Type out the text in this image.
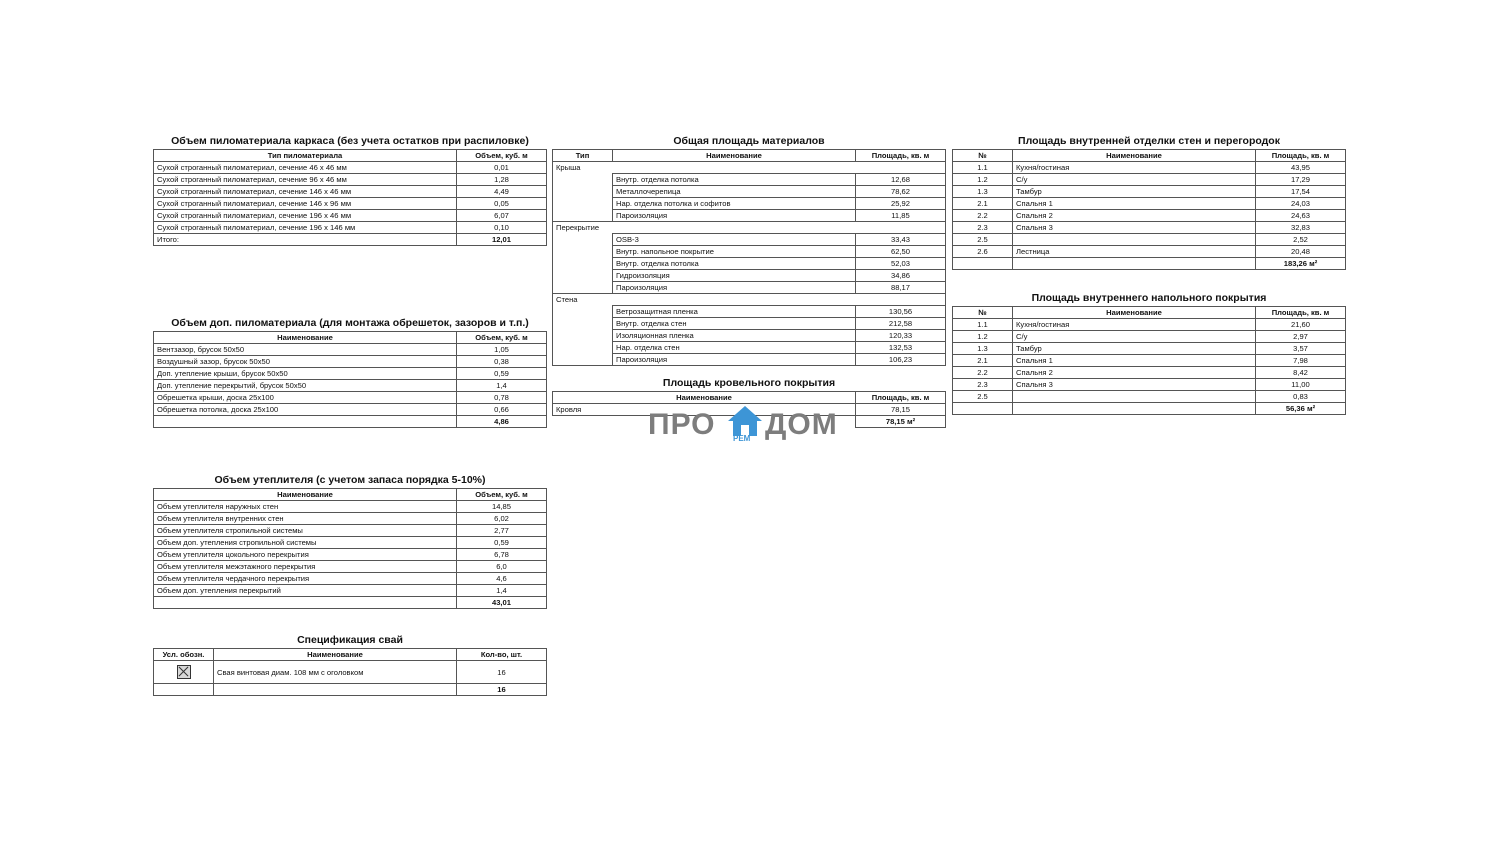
Объем пиломатериала каркаса (без учета остатков при распиловке)
Тип пиломатериала	Объем, куб. м
Сухой строганный пиломатериал, сечение 46 х 46 мм	0,01
Сухой строганный пиломатериал, сечение 96 х 46 мм	1,28
Сухой строганный пиломатериал, сечение 146 х 46 мм	4,49
Сухой строганный пиломатериал, сечение 146 х 96 мм	0,05
Сухой строганный пиломатериал, сечение 196 х 46 мм	6,07
Сухой строганный пиломатериал, сечение 196 х 146 мм	0,10
Итого:	12,01
Объем доп. пиломатериала (для монтажа обрешеток, зазоров и т.п.)
Наименование	Объем, куб. м
Вентзазор, брусок 50х50	1,05
Воздушный зазор, брусок 50х50	0,38
Доп. утепление крыши, брусок 50х50	0,59
Доп. утепление перекрытий, брусок 50х50	1,4
Обрешетка крыши, доска 25х100	0,78
Обрешетка потолка, доска 25х100	0,66
	4,86
Объем утеплителя (с учетом запаса порядка 5-10%)
Наименование	Объем, куб. м
Объем утеплителя наружных стен	14,85
Объем утеплителя внутренних стен	6,02
Объем утеплителя стропильной системы	2,77
Объем доп. утепления стропильной системы	0,59
Объем утеплителя цокольного перекрытия	6,78
Объем утеплителя межэтажного перекрытия	6,0
Объем утеплителя чердачного перекрытия	4,6
Объем доп. утепления перекрытий	1,4
	43,01
Спецификация свай
Усл. обозн.	Наименование	Кол-во, шт.
	Свая винтовая диам. 108 мм с оголовком	16
		16
Общая площадь материалов
Тип	Наименование	Площадь, кв. м
Крыша		
	Внутр. отделка потолка	12,68
	Металлочерепица	78,62
	Нар. отделка потолка и софитов	25,92
	Пароизоляция	11,85
Перекрытие		
	OSB-3	33,43
	Внутр. напольное покрытие	62,50
	Внутр. отделка потолка	52,03
	Гидроизоляция	34,86
	Пароизоляция	88,17
Стена		
	Ветрозащитная пленка	130,56
	Внутр. отделка стен	212,58
	Изоляционная пленка	120,33
	Нар. отделка стен	132,53
	Пароизоляция	106,23
Площадь кровельного покрытия
Наименование	Площадь, кв. м
Кровля	78,15
	78,15 м²
Площадь внутренней отделки стен и перегородок
№	Наименование	Площадь, кв. м
1.1	Кухня/гостиная	43,95
1.2	С/у	17,29
1.3	Тамбур	17,54
2.1	Спальня 1	24,03
2.2	Спальня 2	24,63
2.3	Спальня 3	32,83
2.5		2,52
2.6	Лестница	20,48
		183,26 м²
Площадь внутреннего напольного покрытия
№	Наименование	Площадь, кв. м
1.1	Кухня/гостиная	21,60
1.2	С/у	2,97
1.3	Тамбур	3,57
2.1	Спальня 1	7,98
2.2	Спальня 2	8,42
2.3	Спальня 3	11,00
2.5		0,83
		56,36 м²
ПРО ДОМ
РЕМ
